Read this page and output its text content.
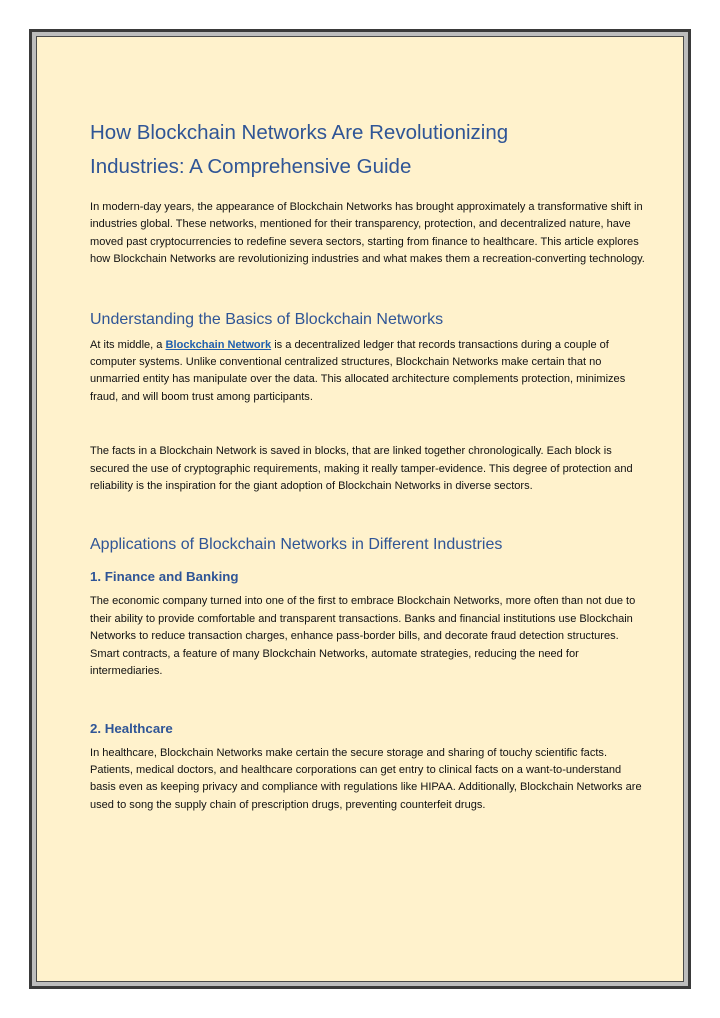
How Blockchain Networks Are Revolutionizing
Industries: A Comprehensive Guide

In modern-day years, the appearance of Blockchain Networks has brought approximately a transformative shift in industries global. These networks, mentioned for their transparency, protection, and decentralized nature, have moved past cryptocurrencies to redefine severa sectors, starting from finance to healthcare. This article explores how Blockchain Networks are revolutionizing industries and what makes them a recreation-converting technology.

Understanding the Basics of Blockchain Networks

At its middle, a Blockchain Network is a decentralized ledger that records transactions during a couple of computer systems. Unlike conventional centralized structures, Blockchain Networks make certain that no unmarried entity has manipulate over the data. This allocated architecture complements protection, minimizes fraud, and will boom trust among participants.

The facts in a Blockchain Network is saved in blocks, that are linked together chronologically. Each block is secured the use of cryptographic requirements, making it really tamper-evidence. This degree of protection and reliability is the inspiration for the giant adoption of Blockchain Networks in diverse sectors.

Applications of Blockchain Networks in Different Industries
1. Finance and Banking

The economic company turned into one of the first to embrace Blockchain Networks, more often than not due to their ability to provide comfortable and transparent transactions. Banks and financial institutions use Blockchain Networks to reduce transaction charges, enhance pass-border bills, and decorate fraud detection structures. Smart contracts, a feature of many Blockchain Networks, automate strategies, reducing the need for intermediaries.

2. Healthcare

In healthcare, Blockchain Networks make certain the secure storage and sharing of touchy scientific facts. Patients, medical doctors, and healthcare corporations can get entry to clinical facts on a want-to-understand basis even as keeping privacy and compliance with regulations like HIPAA. Additionally, Blockchain Networks are used to song the supply chain of prescription drugs, preventing counterfeit drugs.
